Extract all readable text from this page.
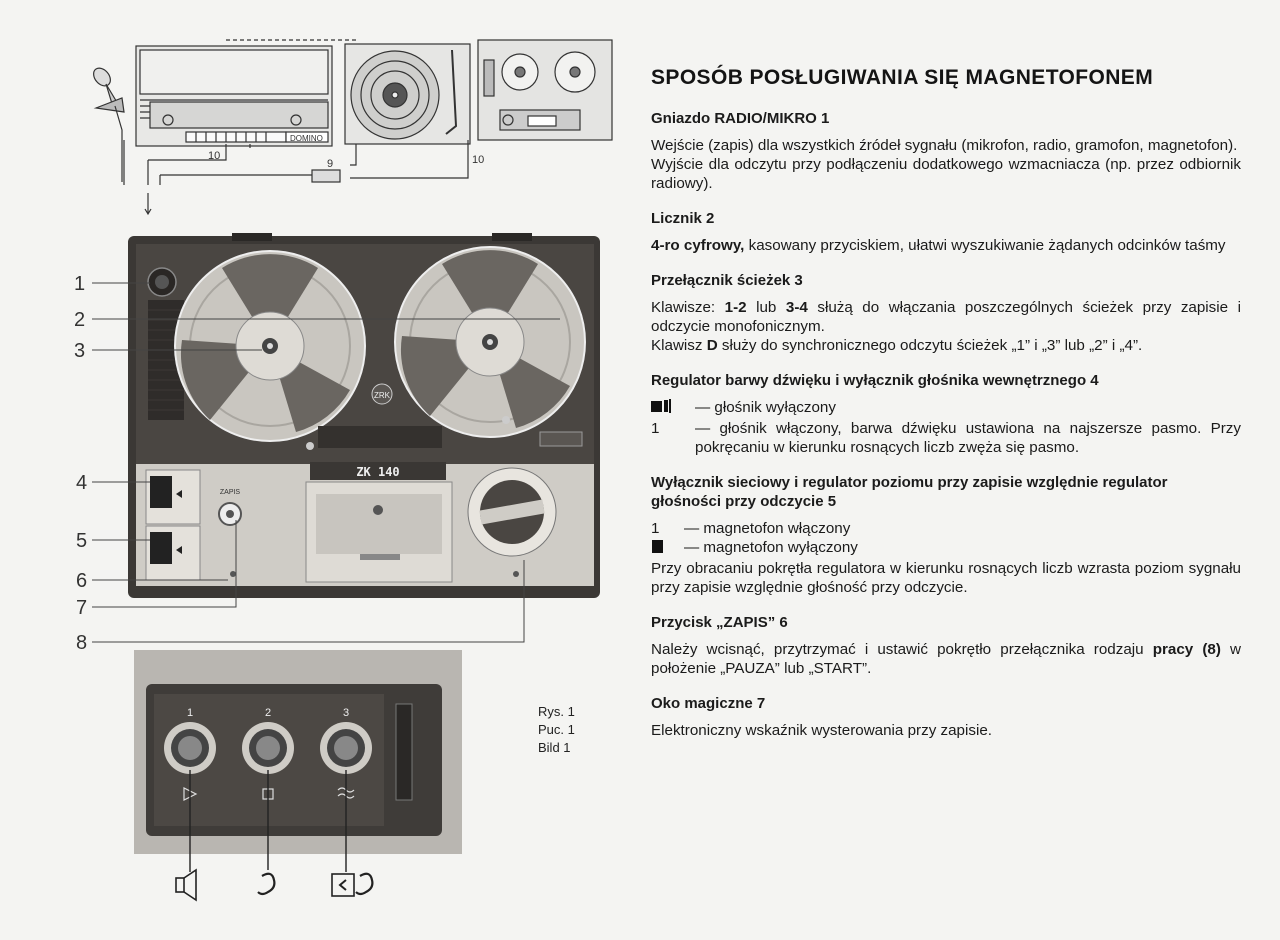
DOMINO
10
9	10
ZRK
ZK 140
ZAPIS
1
2
3
4
5
6
7
8
1	2	3	Rys. 1
Puc. 1
Bild 1
SPOSÓB POSŁUGIWANIA SIĘ MAGNETOFONEM
Gniazdo RADIO/MIKRO 1

Wejście (zapis) dla wszystkich źródeł sygnału (mikrofon, radio, gramofon, magnetofon).

Wyjście dla odczytu przy podłączeniu dodatkowego wzmacniacza (np. przez odbiornik radiowy).

Licznik 2

4-ro cyfrowy, kasowany przyciskiem, ułatwi wyszukiwanie żądanych odcinków taśmy

Przełącznik ścieżek 3

Klawisze: 1-2 lub 3-4 służą do włączania poszczególnych ścieżek przy zapisie i odczycie monofonicznym.

Klawisz D służy do synchronicznego odczytu ścieżek „1” i „3” lub „2” i „4”.

Regulator barwy dźwięku i wyłącznik głośnika wewnętrznego 4
— głośnik wyłączony
1	— głośnik włączony, barwa dźwięku ustawiona na najszersze pasmo. Przy pokręcaniu w kierunku rosnących liczb zwęża się pasmo.
Wyłącznik sieciowy i regulator poziomu przy zapisie względnie regulator głośności przy odczycie 5
1	— magnetofon włączony
— magnetofon wyłączony

Przy obracaniu pokrętła regulatora w kierunku rosnących liczb wzrasta poziom sygnału przy zapisie względnie głośność przy odczycie.

Przycisk „ZAPIS” 6

Należy wcisnąć, przytrzymać i ustawić pokrętło przełącznika rodzaju pracy (8) w położenie „PAUZA” lub „START”.

Oko magiczne 7

Elektroniczny wskaźnik wysterowania przy zapisie.
